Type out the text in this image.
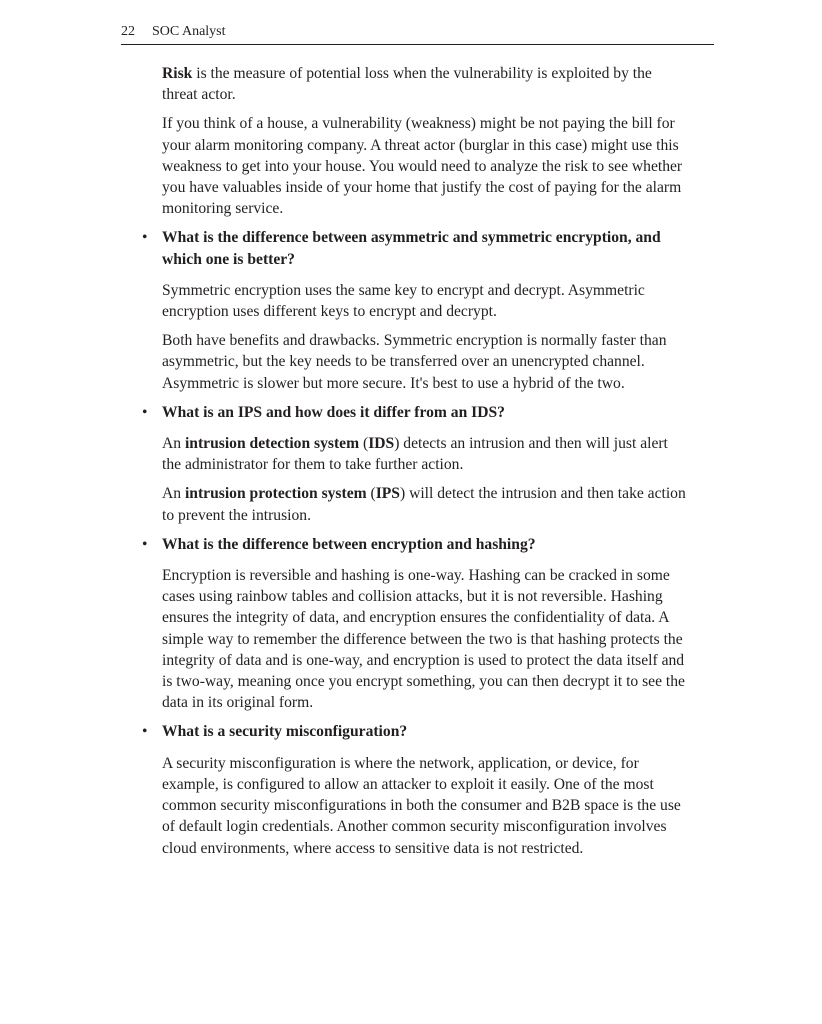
22 SOC Analyst

Risk is the measure of potential loss when the vulnerability is exploited by the
threat actor.

If you think of a house, a vulnerability (weakness) might be not paying the bill for
your alarm monitoring company. A threat actor (burglar in this case) might use this
weakness to get into your house. You would need to analyze the risk to see whether
you have valuables inside of your home that justify the cost of paying for the alarm
monitoring service.

• What is the difference between asymmetric and symmetric encryption, and
which one is better?

Symmetric encryption uses the same key to encrypt and decrypt. Asymmetric
encryption uses different keys to encrypt and decrypt.

Both have benefits and drawbacks. Symmetric encryption is normally faster than
asymmetric, but the key needs to be transferred over an unencrypted channel.
Asymmetric is slower but more secure. It's best to use a hybrid of the two.

• What is an IPS and how does it differ from an IDS?

An intrusion detection system (IDS) detects an intrusion and then will just alert
the administrator for them to take further action.

An intrusion protection system (IPS) will detect the intrusion and then take action
to prevent the intrusion.

• What is the difference between encryption and hashing?

Encryption is reversible and hashing is one-way. Hashing can be cracked in some
cases using rainbow tables and collision attacks, but it is not reversible. Hashing
ensures the integrity of data, and encryption ensures the confidentiality of data. A
simple way to remember the difference between the two is that hashing protects the
integrity of data and is one-way, and encryption is used to protect the data itself and
is two-way, meaning once you encrypt something, you can then decrypt it to see the
data in its original form.

• What is a security misconfiguration?

A security misconfiguration is where the network, application, or device, for
example, is configured to allow an attacker to exploit it easily. One of the most
common security misconfigurations in both the consumer and B2B space is the use
of default login credentials. Another common security misconfiguration involves
cloud environments, where access to sensitive data is not restricted.
